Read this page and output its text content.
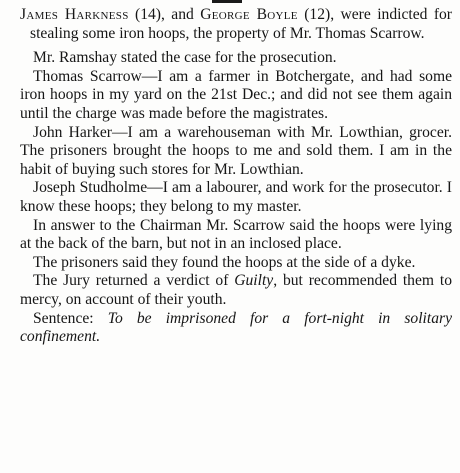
James Harkness (14), and George Boyle (12), were indicted for stealing some iron hoops, the property of Mr. Thomas Scarrow.

Mr. Ramshay stated the case for the prosecution.

Thomas Scarrow—I am a farmer in Botchergate, and had some iron hoops in my yard on the 21st Dec.; and did not see them again until the charge was made before the magistrates.

John Harker—I am a warehouseman with Mr. Lowthian, grocer. The prisoners brought the hoops to me and sold them. I am in the habit of buying such stores for Mr. Lowthian.

Joseph Studholme—I am a labourer, and work for the prosecutor. I know these hoops; they belong to my master.

In answer to the Chairman Mr. Scarrow said the hoops were lying at the back of the barn, but not in an inclosed place.

The prisoners said they found the hoops at the side of a dyke.

The Jury returned a verdict of Guilty, but recommended them to mercy, on account of their youth.

Sentence: To be imprisoned for a fort-night in solitary confinement.
